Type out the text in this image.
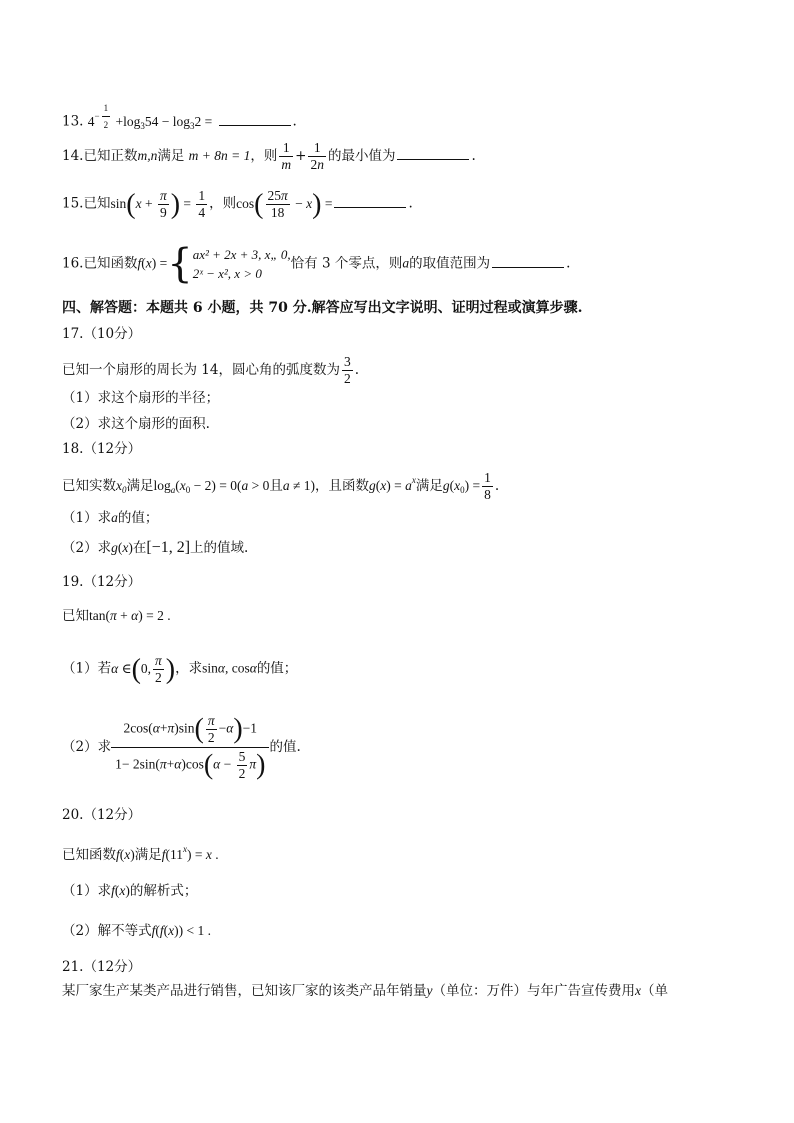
13. $4^{- \frac{1}{2}} +\log_354 - \log_32$ =	.
14.已知正数m,n满足 m + 8n = 1，则 $\frac{1}{m} + \frac{1}{2n}$ 的最小值为	.
15.已知$\sin(x + \frac{\pi}{9}$ ) = $\frac{1}{4}$ ，则$\cos( \frac{25\pi}{18} - x)$ =	.
16.已知函数f(x) ={ ax² + 2x + 3, x„ 0,
2ˣ − x², x > 0
恰有 3 个零点，则a的取值范围为	.
四、解答题：本题共 6 小题，共 70 分.解答应写出文字说明、证明过程或演算步骤.
17.（10分）
已知一个扇形的周长为 14，圆心角的弧度数为 $\frac{3}{2}$ .
（1）求这个扇形的半径；
（2）求这个扇形的面积.
18.（12分）
已知实数$x_0$满足$\log_a(x_0 - 2) = 0(a > 0$且a ≠ 1)，且函数$g(x) = a^x$满足$g(x_0) = \frac{1}{8}$ .
（1）求a的值；
（2）求g(x)在[−1, 2]上的值域.
19.（12分）
已知tan(π + α) = 2 .
（1）若α ∈(0, $\frac{\pi}{2}$ )，求sinα, cosα的值；
（2）求 $\frac{2\cos(\alpha+\pi)\sin( \frac{\pi}{2} -\alpha)-1}{1- 2\sin(\pi+\alpha)\cos(\alpha - \frac{5}{2} \pi)}$ 的值.
20.（12分）
已知函数f(x)满足$f(11^x) = x$ .
（1）求f(x)的解析式；
（2）解不等式f(f(x)) < 1 .
21.（12分）
某厂家生产某类产品进行销售，已知该厂家的该类产品年销量y（单位：万件）与年广告宣传费用x（单
